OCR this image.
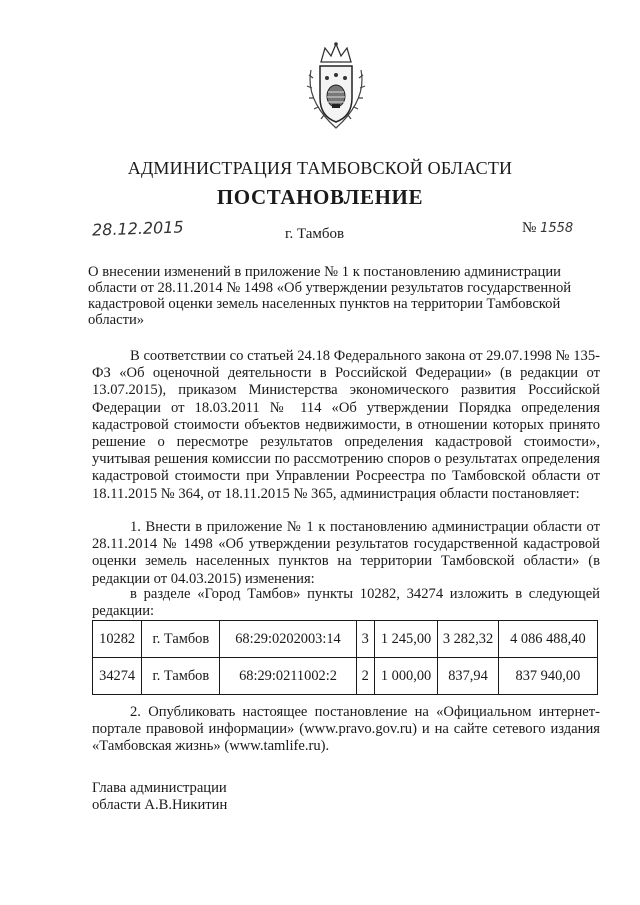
АДМИНИСТРАЦИЯ ТАМБОВСКОЙ ОБЛАСТИ
ПОСТАНОВЛЕНИЕ
28.12.2015	г. Тамбов	№ 1558
О внесении изменений в приложение № 1 к постановлению администрации области от 28.11.2014 № 1498 «Об утверждении результатов государственной кадастровой оценки земель населенных пунктов на территории Тамбовской области»
В соответствии со статьей 24.18 Федерального закона от 29.07.1998 № 135-ФЗ «Об оценочной деятельности в Российской Федерации» (в редакции от 13.07.2015), приказом Министерства экономического развития Российской Федерации от 18.03.2011 № 114 «Об утверждении Порядка определения кадастровой стоимости объектов недвижимости, в отношении которых принято решение о пересмотре результатов определения кадастровой стоимости», учитывая решения комиссии по рассмотрению споров о результатах определения кадастровой стоимости при Управлении Росреестра по Тамбовской области от 18.11.2015 № 364, от 18.11.2015 № 365, администрация области постановляет:
1. Внести в приложение № 1 к постановлению администрации области от 28.11.2014 № 1498 «Об утверждении результатов государственной кадастровой оценки земель населенных пунктов на территории Тамбовской области» (в редакции от 04.03.2015) изменения:
в разделе «Город Тамбов» пункты 10282, 34274 изложить в следующей редакции:
10282	г. Тамбов	68:29:0202003:14	3	1 245,00	3 282,32	4 086 488,40
34274	г. Тамбов	68:29:0211002:2	2	1 000,00	837,94	837 940,00
2. Опубликовать настоящее постановление на «Официальном интернет-портале правовой информации» (www.pravo.gov.ru) и на сайте сетевого издания «Тамбовская жизнь» (www.tamlife.ru).
Глава администрации
области А.В.Никитин
